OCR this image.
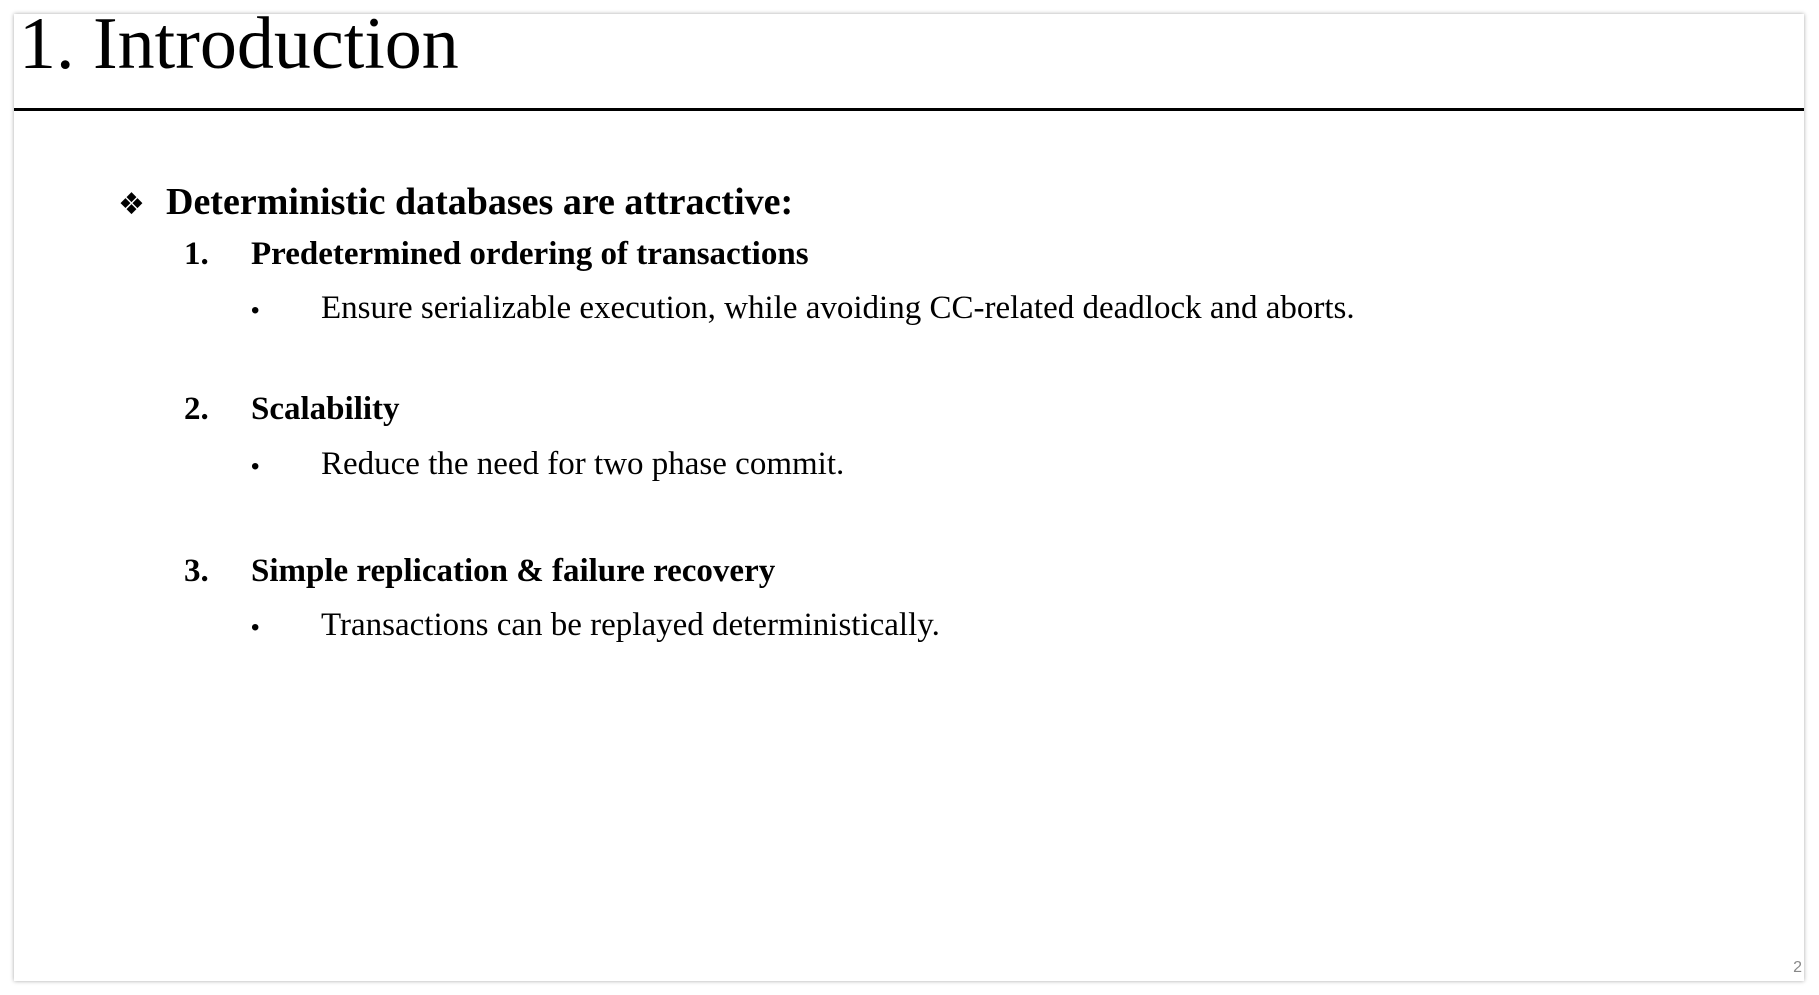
1. Introduction
❖ Deterministic databases are attractive:
1.	Predetermined ordering of transactions
•	Ensure serializable execution, while avoiding CC-related deadlock and aborts.
2.	Scalability
•	Reduce the need for two phase commit.
3.	Simple replication & failure recovery
•	Transactions can be replayed deterministically.
2
